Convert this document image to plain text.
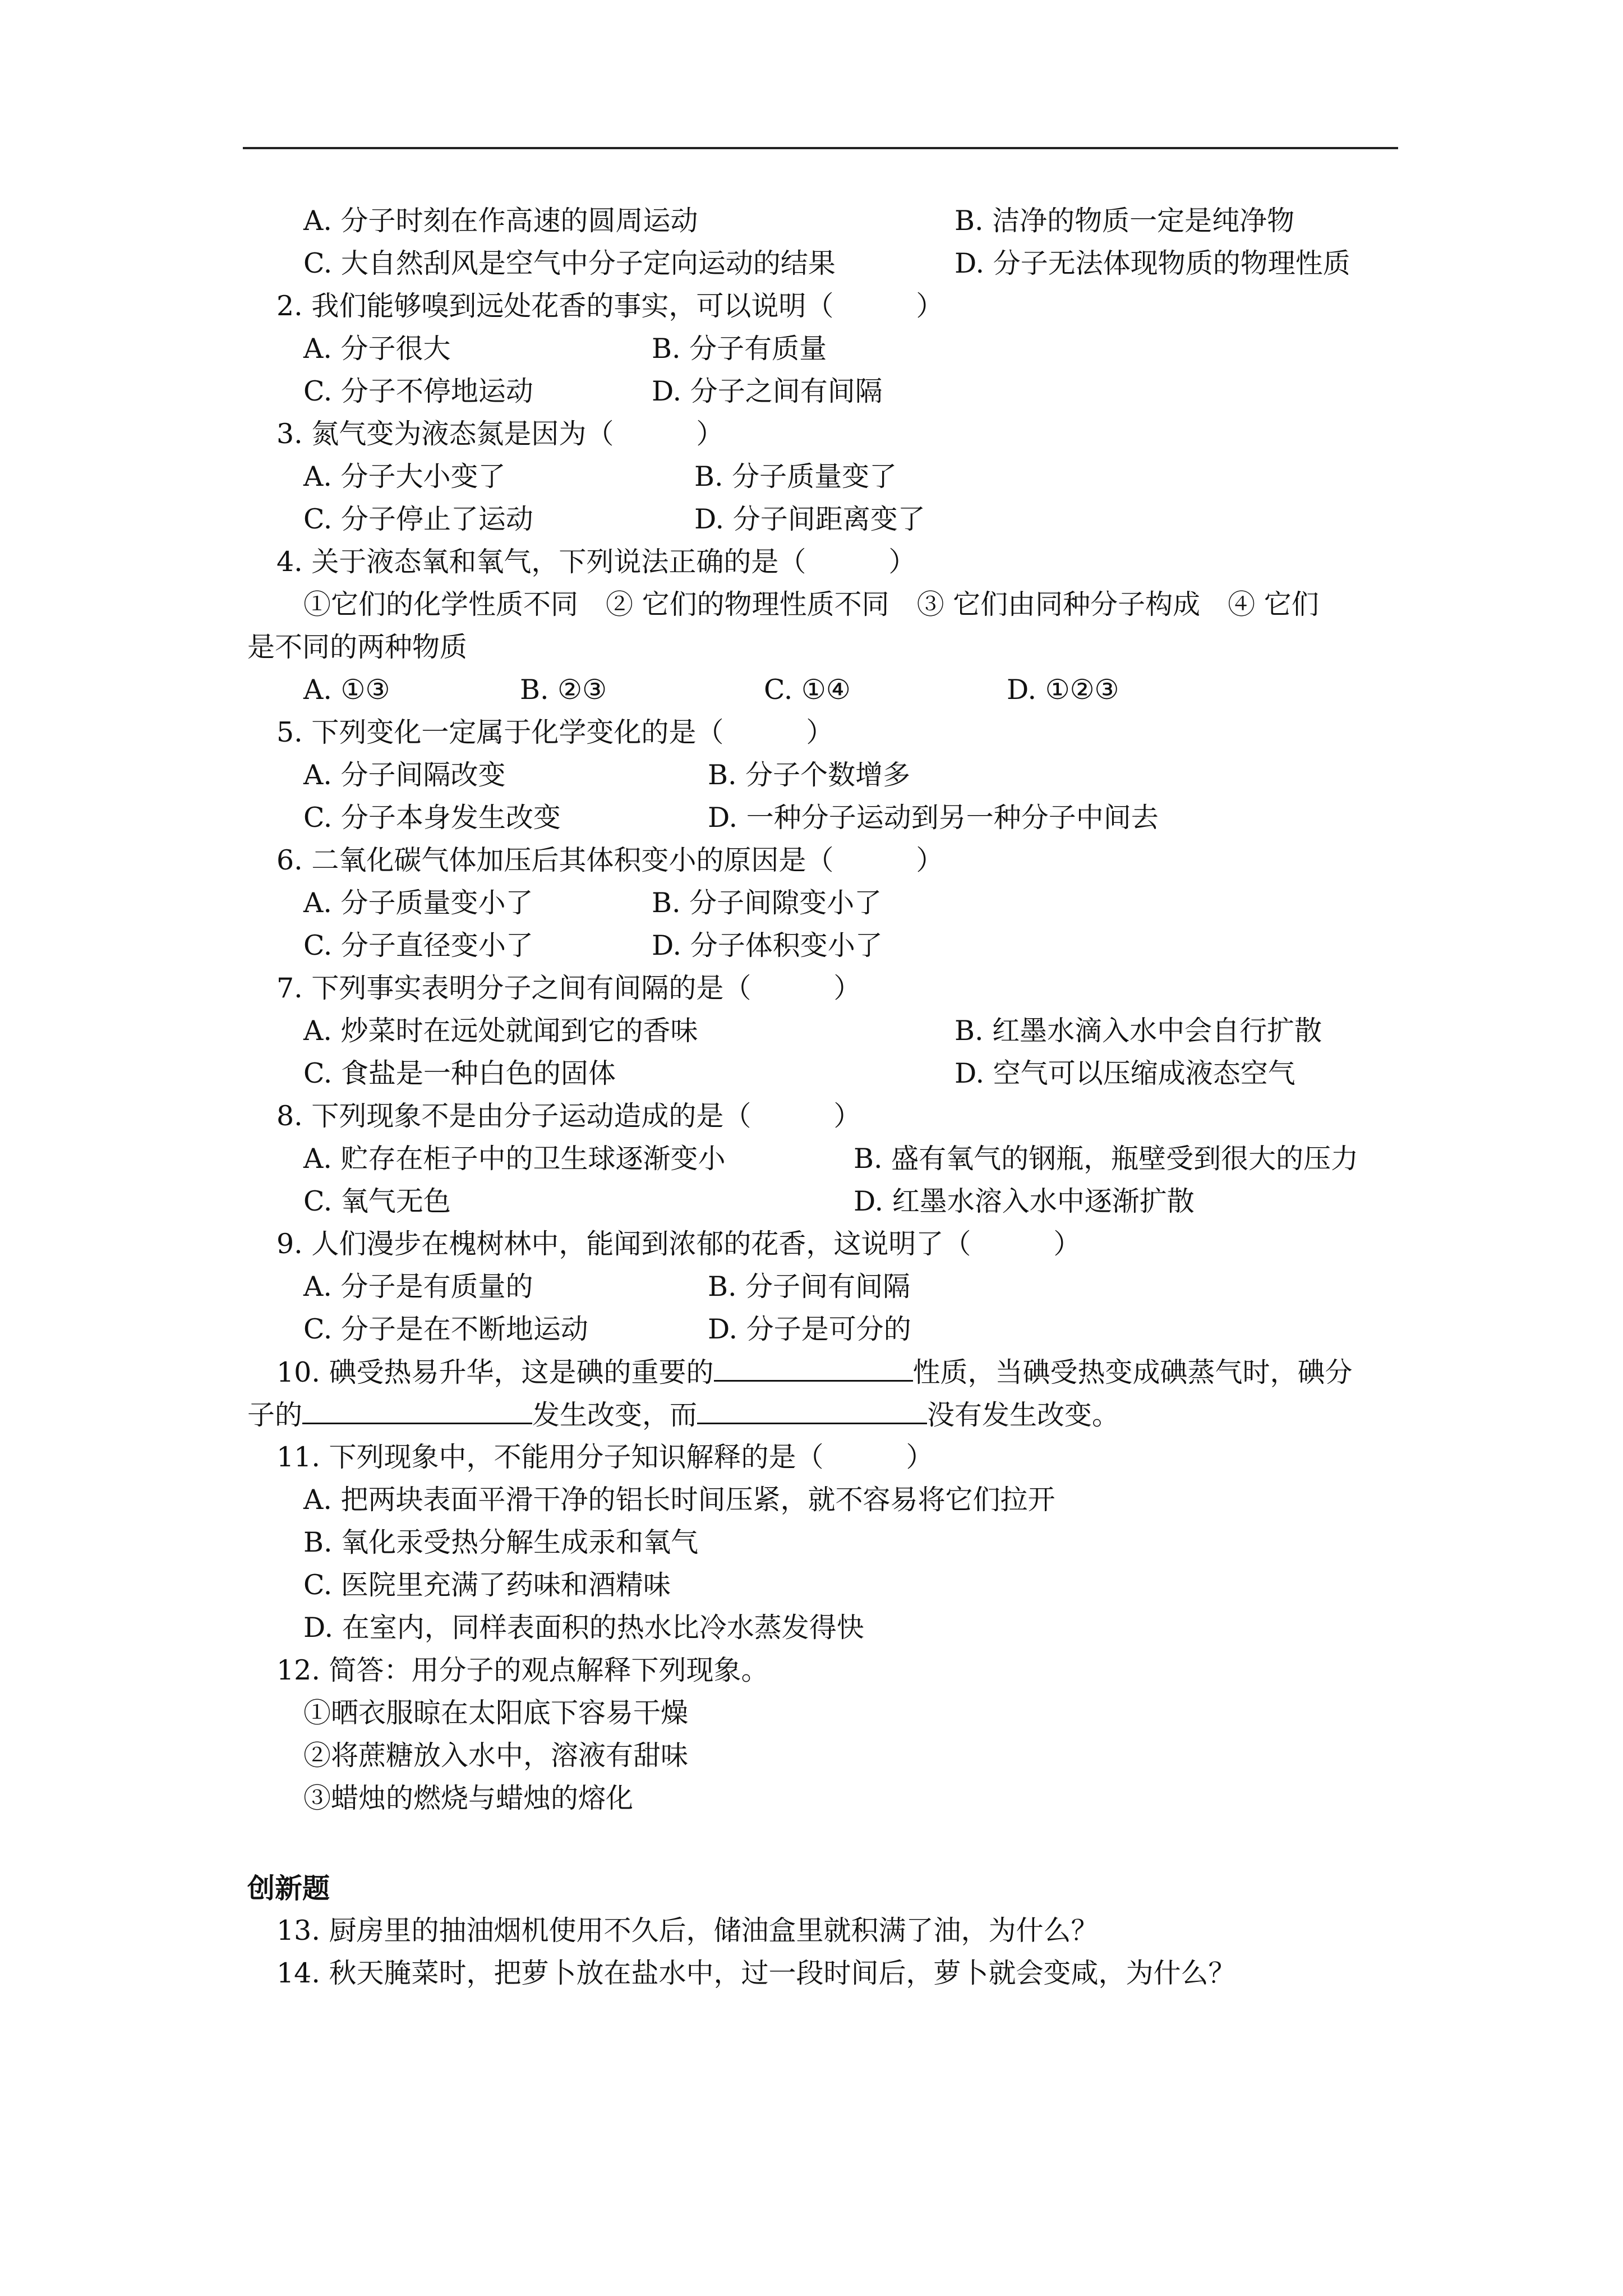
A. 分子时刻在作高速的圆周运动	B. 洁净的物质一定是纯净物
C. 大自然刮风是空气中分子定向运动的结果	D. 分子无法体现物质的物理性质
2. 我们能够嗅到远处花香的事实，可以说明（　　　）
A. 分子很大	B. 分子有质量
C. 分子不停地运动	D. 分子之间有间隔
3. 氮气变为液态氮是因为（　　　）
A. 分子大小变了	B. 分子质量变了
C. 分子停止了运动	D. 分子间距离变了
4. 关于液态氧和氧气，下列说法正确的是（　　　）
①它们的化学性质不同　② 它们的物理性质不同　③ 它们由同种分子构成　④ 它们
是不同的两种物质
A. ①③	B. ②③	C. ①④	D. ①②③
5. 下列变化一定属于化学变化的是（　　　）
A. 分子间隔改变	B. 分子个数增多
C. 分子本身发生改变	D. 一种分子运动到另一种分子中间去
6. 二氧化碳气体加压后其体积变小的原因是（　　　）
A. 分子质量变小了	B. 分子间隙变小了
C. 分子直径变小了	D. 分子体积变小了
7. 下列事实表明分子之间有间隔的是（　　　）
A. 炒菜时在远处就闻到它的香味	B. 红墨水滴入水中会自行扩散
C. 食盐是一种白色的固体	D. 空气可以压缩成液态空气
8. 下列现象不是由分子运动造成的是（　　　）
A. 贮存在柜子中的卫生球逐渐变小	B. 盛有氧气的钢瓶，瓶壁受到很大的压力
C. 氧气无色	D. 红墨水溶入水中逐渐扩散
9. 人们漫步在槐树林中，能闻到浓郁的花香，这说明了（　　　）
A. 分子是有质量的	B. 分子间有间隔
C. 分子是在不断地运动	D. 分子是可分的
10. 碘受热易升华，这是碘的重要的	性质，当碘受热变成碘蒸气时，碘分
子的	发生改变，而	没有发生改变。
11. 下列现象中，不能用分子知识解释的是（　　　）
A. 把两块表面平滑干净的铝长时间压紧，就不容易将它们拉开
B. 氧化汞受热分解生成汞和氧气
C. 医院里充满了药味和酒精味
D. 在室内，同样表面积的热水比冷水蒸发得快
12. 简答：用分子的观点解释下列现象。
①晒衣服晾在太阳底下容易干燥
②将蔗糖放入水中，溶液有甜味
③蜡烛的燃烧与蜡烛的熔化
创新题
13. 厨房里的抽油烟机使用不久后，储油盒里就积满了油，为什么？
14. 秋天腌菜时，把萝卜放在盐水中，过一段时间后，萝卜就会变咸，为什么？
